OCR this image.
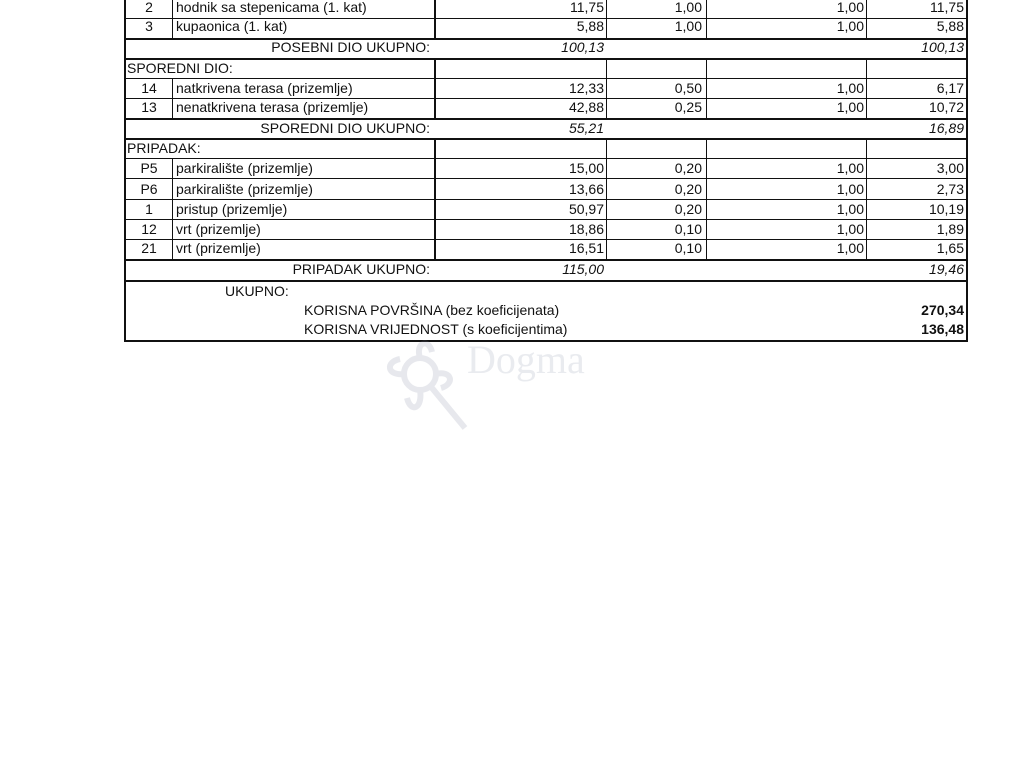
2	hodnik sa stepenicama (1. kat)	11,75	1,00	1,00	11,75
3	kupaonica (1. kat)	5,88	1,00	1,00	5,88
POSEBNI DIO UKUPNO:	100,13	100,13
SPOREDNI DIO:
14	natkrivena terasa (prizemlje)	12,33	0,50	1,00	6,17
13	nenatkrivena terasa (prizemlje)	42,88	0,25	1,00	10,72
SPOREDNI DIO UKUPNO:	55,21	16,89
PRIPADAK:
P5	parkiralište (prizemlje)	15,00	0,20	1,00	3,00
P6	parkiralište (prizemlje)	13,66	0,20	1,00	2,73
1	pristup (prizemlje)	50,97	0,20	1,00	10,19
12	vrt (prizemlje)	18,86	0,10	1,00	1,89
21	vrt (prizemlje)	16,51	0,10	1,00	1,65
PRIPADAK UKUPNO:	115,00	19,46
UKUPNO:
KORISNA POVRŠINA (bez koeficijenata)	270,34
KORISNA VRIJEDNOST (s koeficijentima)	136,48
Dogma
